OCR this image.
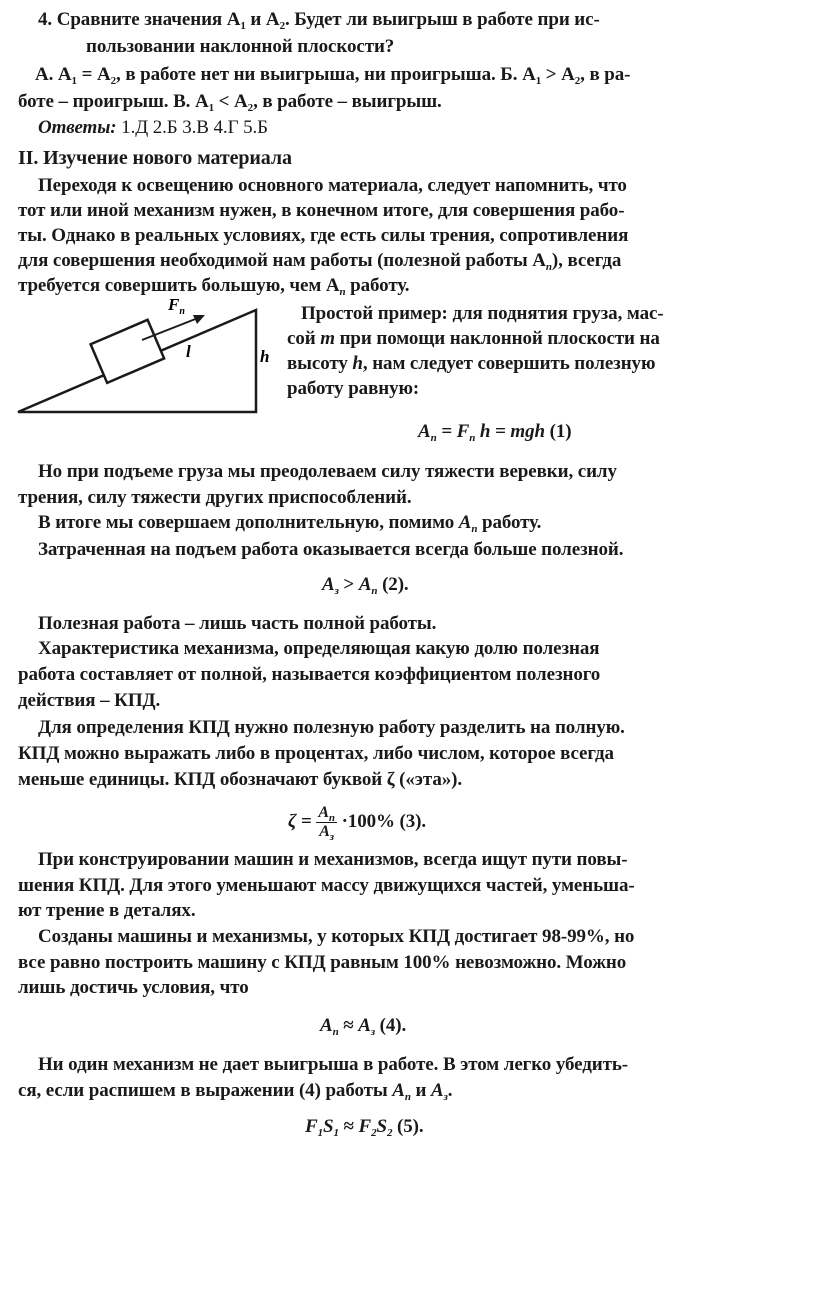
4. Сравните значения $А_1$ и $А_2$. Будет ли выигрыш в работе при ис-
пользовании наклонной плоскости?
А. $А_1 = А_2$, в работе нет ни выигрыша, ни проигрыша. Б. $А_1 > А_2$, в ра-
боте – проигрыш. В. $А_1 < А_2$, в работе – выигрыш.
Ответы: 1.Д 2.Б 3.В 4.Г 5.Б
II. Изучение нового материала
Переходя к освещению основного материала, следует напомнить, что
тот или иной механизм нужен, в конечном итоге, для совершения рабо-
ты. Однако в реальных условиях, где есть силы трения, сопротивления
для совершения необходимой нам работы (полезной работы $A_п$), всегда
требуется совершить большую, чем $A_п$ работу.
$F_n$
l	h
Простой пример: для поднятия груза, мас-
сой m при помощи наклонной плоскости на
высоту h, нам следует совершить полезную
работу равную:
$A_п = F_п$ h = mgh (1)
Но при подъеме груза мы преодолеваем силу тяжести веревки, силу
трения, силу тяжести других приспособлений.
В итоге мы совершаем дополнительную, помимо $A_п$ работу.
Затраченная на подъем работа оказывается всегда больше полезной.
$A_з > A_п$ (2).
Полезная работа – лишь часть полной работы.
Характеристика механизма, определяющая какую долю полезная
работа составляет от полной, называется коэффициентом полезного
действия – КПД.
Для определения КПД нужно полезную работу разделить на полную.
КПД можно выражать либо в процентах, либо числом, которое всегда
меньше единицы. КПД обозначают буквой ζ («эта»).
$\zeta = \frac{A_п}{A_з} \cdot 100\%$ (3).
При конструировании машин и механизмов, всегда ищут пути повы-
шения КПД. Для этого уменьшают массу движущихся частей, уменьша-
ют трение в деталях.
Созданы машины и механизмы, у которых КПД достигает 98-99%, но
все равно построить машину с КПД равным 100% невозможно. Можно
лишь достичь условия, что
$A_п \approx A_з$ (4).
Ни один механизм не дает выигрыша в работе. В этом легко убедить-
ся, если распишем в выражении (4) работы $A_п$ и $A_з$.
$F_1S_1 \approx F_2S_2$ (5).
